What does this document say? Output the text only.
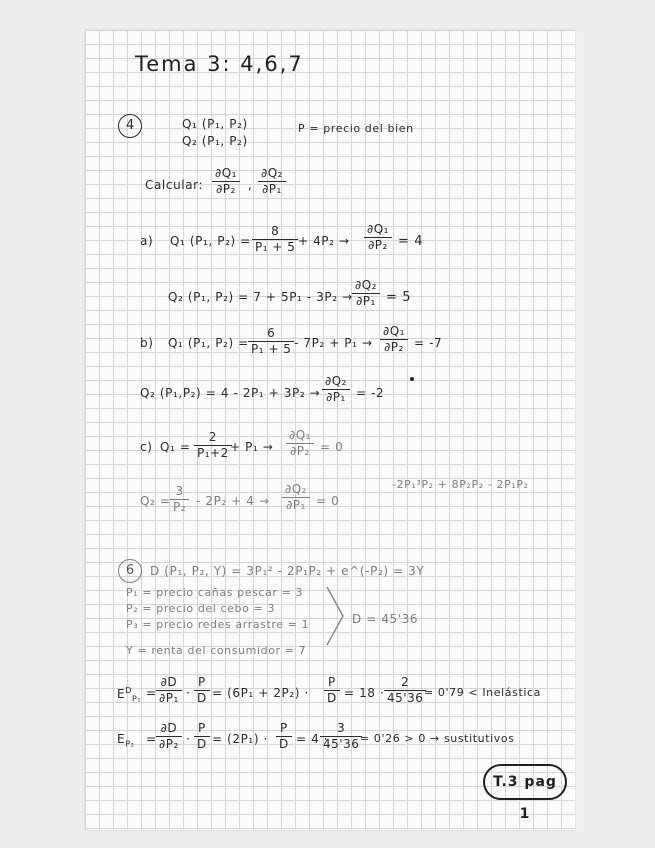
Tema 3: 4,6,7
4	Q₁ (P₁, P₂)
Q₂ (P₁, P₂)
P = precio del bien
Calcular: $\frac{\text{∂Q₁}}{\text{∂P₂}}$ , $\frac{\text{∂Q₂}}{\text{∂P₁}}$
a) Q₁ (P₁, $P_2) = \frac{8}{\text{P₁ + 5}} + 4P_2 \to \frac{\text{∂Q₁}}{\text{∂P₂}} = 4$
Q₂ (P₁, $P_2) = 7 + 5P_1 - 3P_2 \to \frac{\text{∂Q₂}}{\text{∂P₁}} = 5$
b) Q₁ (P₁, $P_2) = \frac{6}{\text{P₁ + 5}} - 7P_2 + P_1 \to \frac{\text{∂Q₁}}{\text{∂P₂}} = -7$
Q₂ $(P_1,P_2) = 4 - 2P_1 + 3P_2 \to \frac{\text{∂Q₂}}{\text{∂P₁}} = -2$
c) $Q_1 = \frac{2}{\text{P₁+2}}$
+ $P_1 \to \frac{\text{∂Q₁}}{\text{∂P₂}} = 0$
-2P₁³P₂ + 8P₂P₂ - 2P₁P₂
$Q_2 = \frac{3}{\text{P₂}} - 2P_2 + 4 \to \frac{\text{∂Q₂}}{\text{∂P₁}} = 0$
6	D (P₁, P₂, Y) = 3P₁² - 2P₁P₂ + e^(-P₂) = 3Y
P₁ = precio cañas pescar = 3
P₂ = precio del cebo = 3
P₃ = precio redes arrastre = 1	D = 45'36
Y = renta del consumidor = 7
$E^D_{P_1} = \frac{\partial D}{\text{∂P₁}} \cdot \frac{P}{D} = (6P_1 + 2P_2) \cdot \frac{P}{D} = 18 \cdot \frac{2}{45'36}$
= 0'79 < Inelástica
$E_{P_2} = \frac{\partial D}{\text{∂P₂}} \cdot \frac{P}{D} = (2P_1) \cdot \frac{P}{D} = 4$ ·
$\frac{3}{45'36}$
= 0'26 > 0 → sustitutivos
T.3 pag 1
